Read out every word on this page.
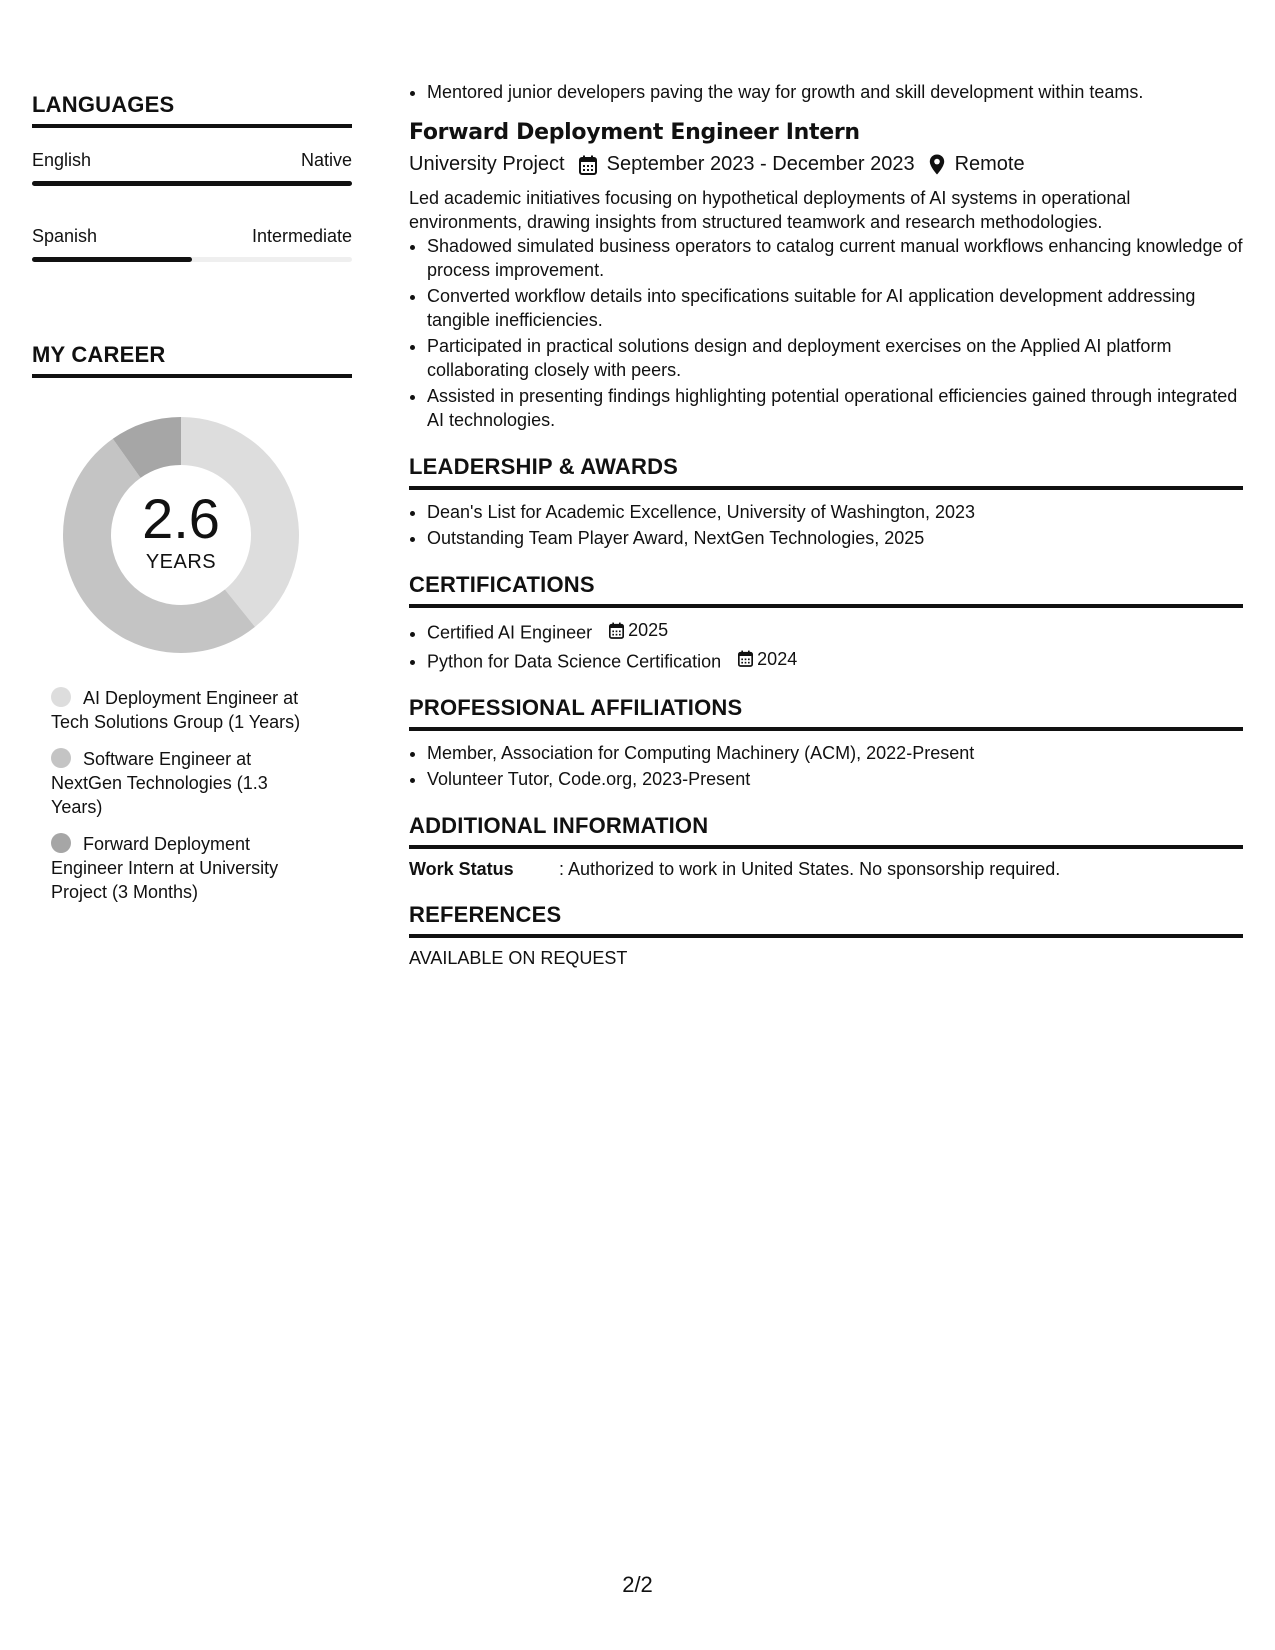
LANGUAGES
English	Native
Spanish	Intermediate
MY CAREER
2.6
YEARS
AI Deployment Engineer at Tech Solutions Group (1 Years)
Software Engineer at NextGen Technologies (1.3 Years)
Forward Deployment Engineer Intern at University Project (3 Months)
• Mentored junior developers paving the way for growth and skill development within teams.
Forward Deployment Engineer Intern
University Project September 2023 - December 2023 Remote
Led academic initiatives focusing on hypothetical deployments of AI systems in operational environments, drawing insights from structured teamwork and research methodologies.
• Shadowed simulated business operators to catalog current manual workflows enhancing knowledge of process improvement.
• Converted workflow details into specifications suitable for AI application development addressing tangible inefficiencies.
• Participated in practical solutions design and deployment exercises on the Applied AI platform collaborating closely with peers.
• Assisted in presenting findings highlighting potential operational efficiencies gained through integrated AI technologies.
LEADERSHIP & AWARDS
• Dean's List for Academic Excellence, University of Washington, 2023
• Outstanding Team Player Award, NextGen Technologies, 2025
CERTIFICATIONS
• Certified AI Engineer 2025
• Python for Data Science Certification 2024
PROFESSIONAL AFFILIATIONS
• Member, Association for Computing Machinery (ACM), 2022-Present
• Volunteer Tutor, Code.org, 2023-Present
ADDITIONAL INFORMATION
Work Status	: Authorized to work in United States. No sponsorship required.
REFERENCES
AVAILABLE ON REQUEST
2/2
